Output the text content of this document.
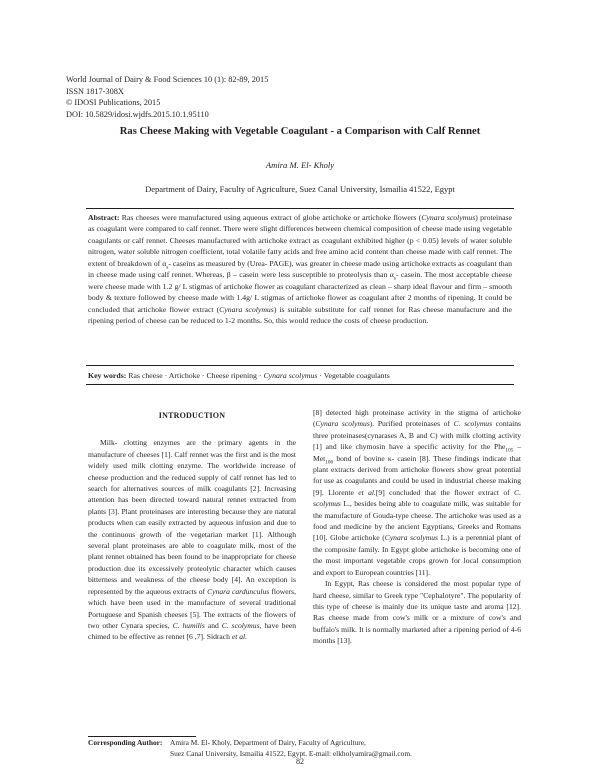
World Journal of Dairy & Food Sciences 10 (1): 82-89, 2015
ISSN 1817-308X
© IDOSI Publications, 2015
DOI: 10.5829/idosi.wjdfs.2015.10.1.95110
Ras Cheese Making with Vegetable Coagulant - a Comparison with Calf Rennet
Amira M. El- Kholy
Department of Dairy, Faculty of Agriculture, Suez Canal University, Ismailia 41522, Egypt
Abstract: Ras cheeses were manufactured using aqueous extract of globe artichoke or artichoke flowers (Cynara scolymus) proteinase as coagulant were compared to calf rennet. There were slight differences between chemical composition of cheese made using vegetable coagulants or calf rennet. Cheeses manufactured with artichoke extract as coagulant exhibited higher (p < 0.05) levels of water soluble nitrogen, water soluble nitrogen coefficient, total volatile fatty acids and free amino acid content than cheese made with calf rennet. The extent of breakdown of $\alpha_s-$ caseins as measured by (Urea- PAGE), was greater in cheese made using artichoke extracts as coagulant than in cheese made using calf rennet. Whereas, β – casein were less susceptible to proteolysis than $\alpha_s-$ casein. The most acceptable cheese were cheese made with 1.2 g/ L stigmas of artichoke flower as coagulant characterized as clean – sharp ideal flavour and firm – smooth body & texture followed by cheese made with 1.4g/ L stigmas of artichoke flower as coagulant after 2 months of ripening. It could be concluded that artichoke flower extract (Cynara scolymus) is suitable substitute for calf rennet for Ras cheese manufacture and the ripening period of cheese can be reduced to 1-2 months. So, this would reduce the costs of cheese production.
Key words: Ras cheese · Artichoke · Cheese ripening · Cynara scolymus · Vegetable coagulants
INTRODUCTION

Milk- clotting enzymes are the primary agents in the manufacture of cheeses [1]. Calf rennet was the first and is the most widely used milk clotting enzyme. The worldwide increase of cheese production and the reduced supply of calf rennet has led to search for alternatives sources of milk coagulants [2]. Increasing attention has been directed toward natural rennet extracted from plants [3]. Plant proteinases are interesting because they are natural products when can easily extracted by aqueous infusion and due to the continuous growth of the vegetarian market [1]. Although several plant proteinases are able to coagulate milk, most of the plant rennet obtained has been found to be inappropriate for cheese production due its excessively proteolytic character which causes bitterness and weakness of the cheese body [4]. An exception is represented by the aqueous extracts of Cynara cardunculus flowers, which have been used in the manufacture of several traditional Portuguese and Spanish cheeses [5]. The extracts of the flowers of two other Cynara species, C. humilis and C. scolymus, have been chimed to be effective as rennet [6 ,7]. Sidrach et al.

[8] detected high proteinase activity in the stigma of artichoke (Cynara scolymus). Purified proteinases of C. scolymus contains three proteinases(cynarases A, B and C) with milk clotting activity [1] and like chymosin have a specific activity for the Phe$_{105}$ – Met$_{106}$ bond of bovine κ- casein [8]. These findings indicate that plant extracts derived from artichoke flowers show great potential for use as coagulants and could be used in industrial cheese making [9]. Llorente et al.[9] concluded that the flower extract of C. scolymus L., besides being able to coagulate milk, was suitable for the manufacture of Gouda-type cheese. The artichoke was used as a food and medicine by the ancient Egyptians, Greeks and Romans [10]. Globe artichoke (Cynara scolymus L.) is a perennial plant of the composite family. In Egypt globe artichoke is becoming one of the most important vegetable crops grown for local consumption and export to European countries [11].

In Egypt, Ras cheese is considered the most popular type of hard cheese, similar to Greek type "Cephalotyre". The popularity of this type of cheese is mainly due its unique taste and aroma [12]. Ras cheese made from cow's milk or a mixture of cow's and buffalo's milk. It is normally marketed after a ripening period of 4-6 months [13].

Corresponding Author: Amira M. El- Kholy, Department of Dairy, Faculty of Agriculture,
Suez Canal University, Ismailia 41522, Egypt. E-mail: elkholyamira@gmail.com.
82
